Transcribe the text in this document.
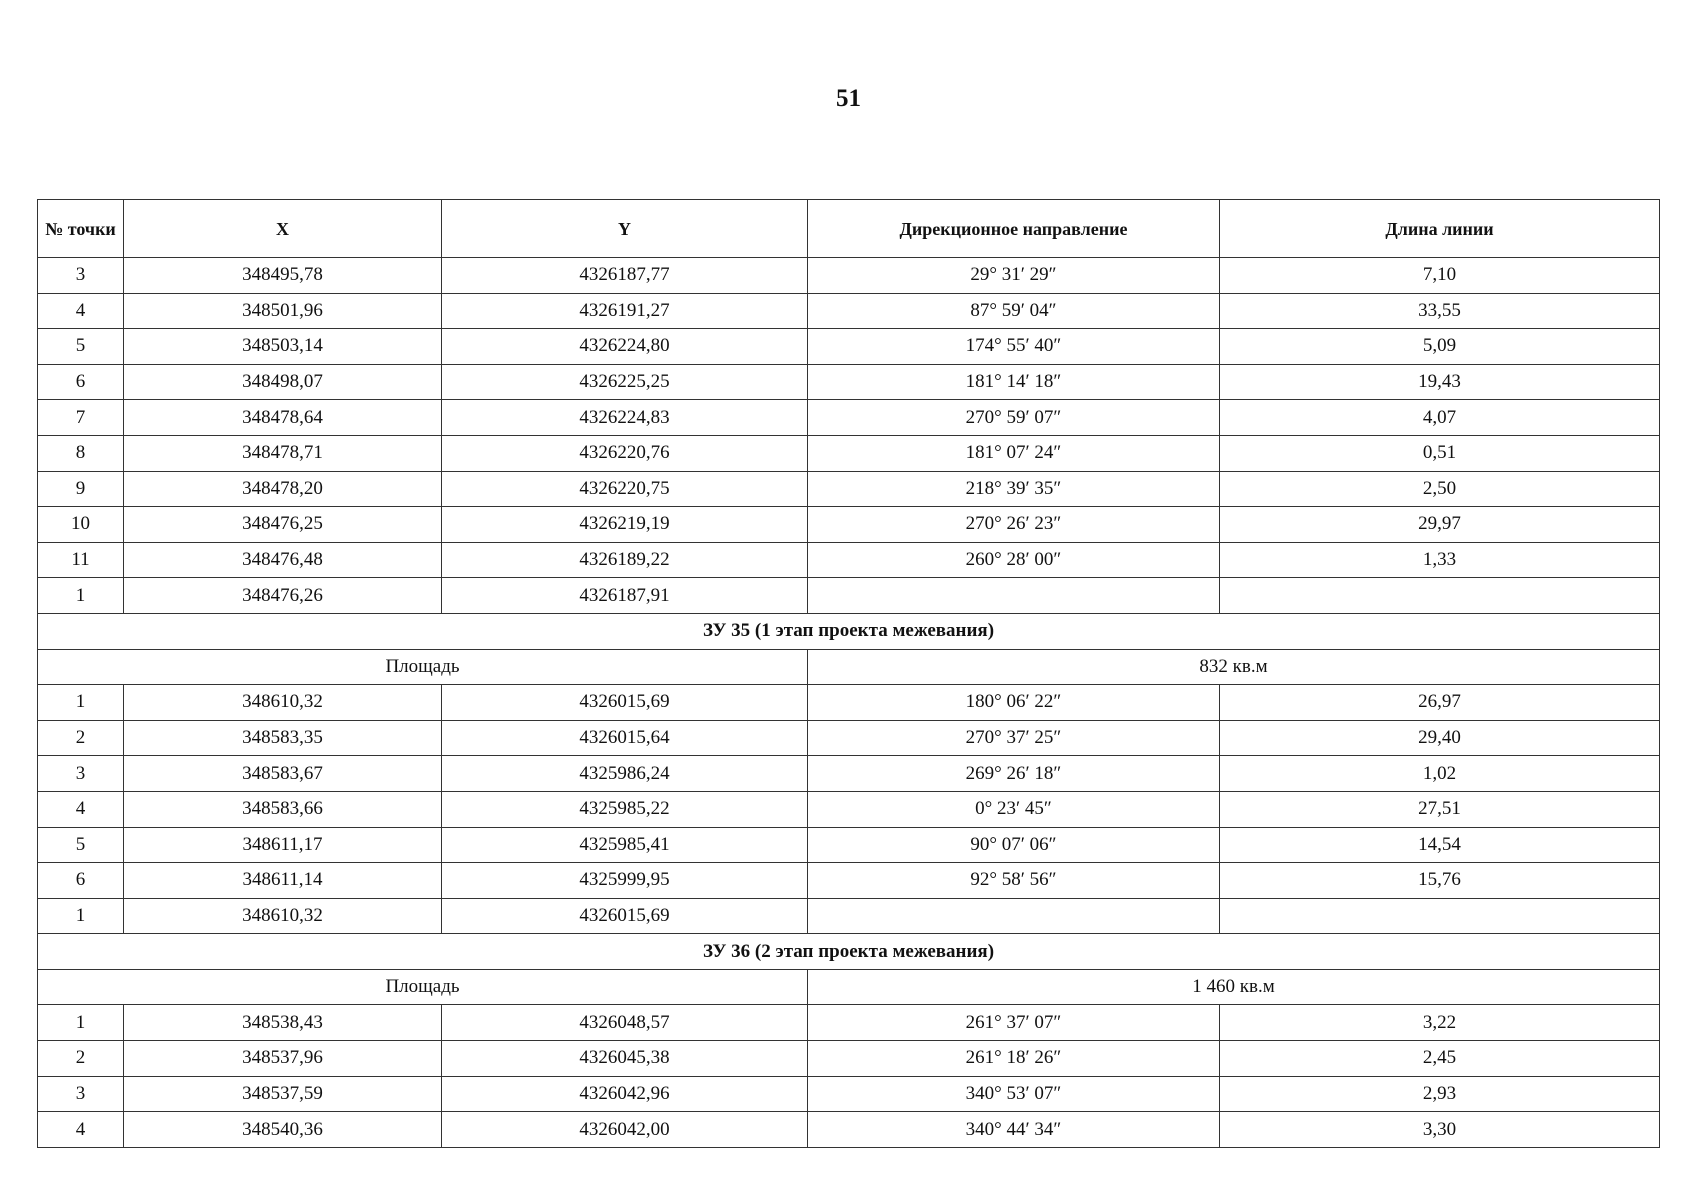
51
№ точки	X	Y	Дирекционное направление	Длина линии
3	348495,78	4326187,77	29° 31′ 29″	7,10
4	348501,96	4326191,27	87° 59′ 04″	33,55
5	348503,14	4326224,80	174° 55′ 40″	5,09
6	348498,07	4326225,25	181° 14′ 18″	19,43
7	348478,64	4326224,83	270° 59′ 07″	4,07
8	348478,71	4326220,76	181° 07′ 24″	0,51
9	348478,20	4326220,75	218° 39′ 35″	2,50
10	348476,25	4326219,19	270° 26′ 23″	29,97
11	348476,48	4326189,22	260° 28′ 00″	1,33
1	348476,26	4326187,91		
ЗУ 35 (1 этап проекта межевания)				
Площадь			832 кв.м	
1	348610,32	4326015,69	180° 06′ 22″	26,97
2	348583,35	4326015,64	270° 37′ 25″	29,40
3	348583,67	4325986,24	269° 26′ 18″	1,02
4	348583,66	4325985,22	0° 23′ 45″	27,51
5	348611,17	4325985,41	90° 07′ 06″	14,54
6	348611,14	4325999,95	92° 58′ 56″	15,76
1	348610,32	4326015,69		
ЗУ 36 (2 этап проекта межевания)				
Площадь			1 460 кв.м	
1	348538,43	4326048,57	261° 37′ 07″	3,22
2	348537,96	4326045,38	261° 18′ 26″	2,45
3	348537,59	4326042,96	340° 53′ 07″	2,93
4	348540,36	4326042,00	340° 44′ 34″	3,30
